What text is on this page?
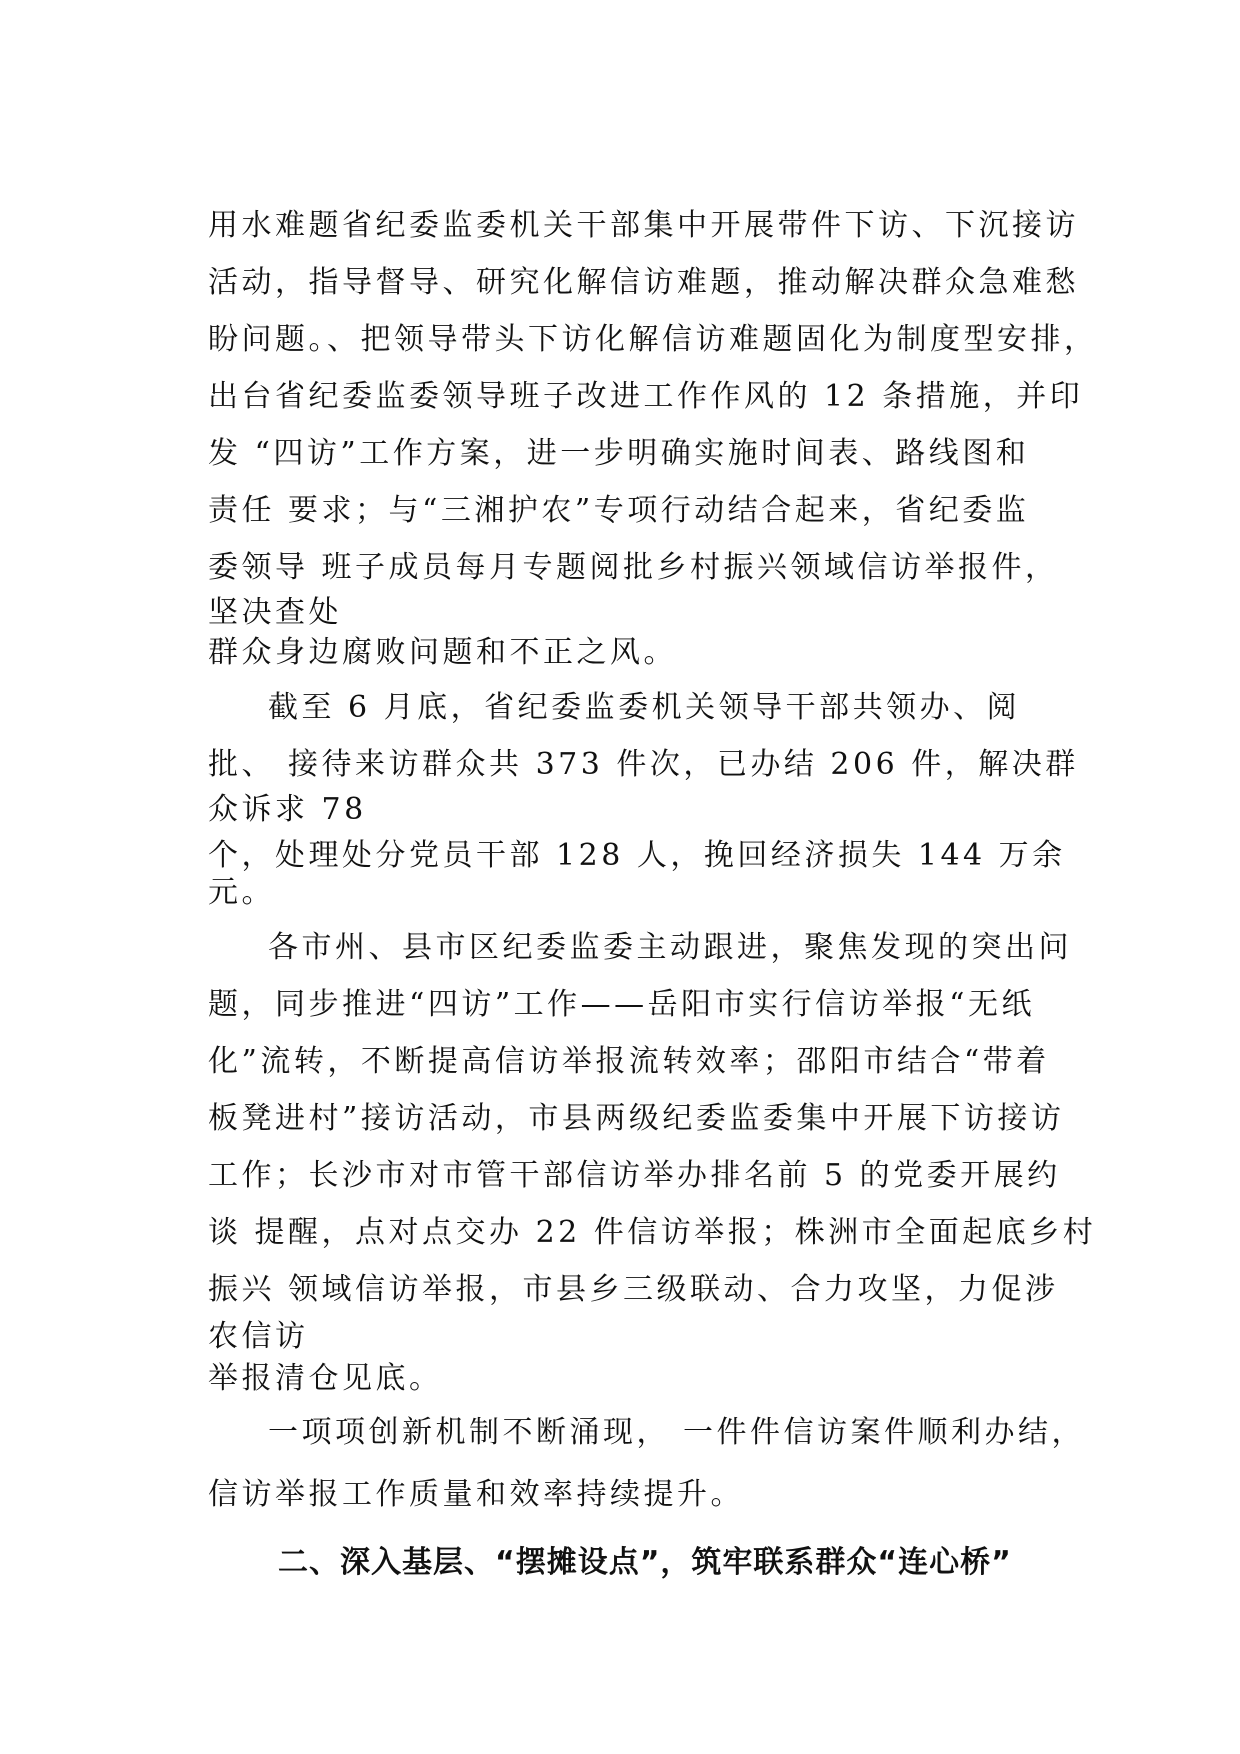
用水难题省纪委监委机关干部集中开展带件下访、下沉接访
活动，指导督导、研究化解信访难题，推动解决群众急难愁
盼问题。、把领导带头下访化解信访难题固化为制度型安排，
出台省纪委监委领导班子改进工作作风的 12 条措施，并印
发 “四访”工作方案，进一步明确实施时间表、路线图和
责任 要求；与“三湘护农”专项行动结合起来，省纪委监
委领导 班子成员每月专题阅批乡村振兴领域信访举报件，
坚决查处
群众身边腐败问题和不正之风。
截至 6 月底，省纪委监委机关领导干部共领办、阅
批、 接待来访群众共 373 件次，已办结 206 件，解决群
众诉求 78
个，处理处分党员干部 128 人，挽回经济损失 144 万余
元。
各市州、县市区纪委监委主动跟进，聚焦发现的突出问
题，同步推进“四访”工作——岳阳市实行信访举报“无纸
化”流转，不断提高信访举报流转效率；邵阳市结合“带着
板凳进村”接访活动，市县两级纪委监委集中开展下访接访
工作；长沙市对市管干部信访举办排名前 5 的党委开展约
谈 提醒，点对点交办 22 件信访举报；株洲市全面起底乡村
振兴 领域信访举报，市县乡三级联动、合力攻坚，力促涉
农信访
举报清仓见底。
一项项创新机制不断涌现， 一件件信访案件顺利办结，
信访举报工作质量和效率持续提升。
二、深入基层、“摆摊设点”，筑牢联系群众“连心桥”
